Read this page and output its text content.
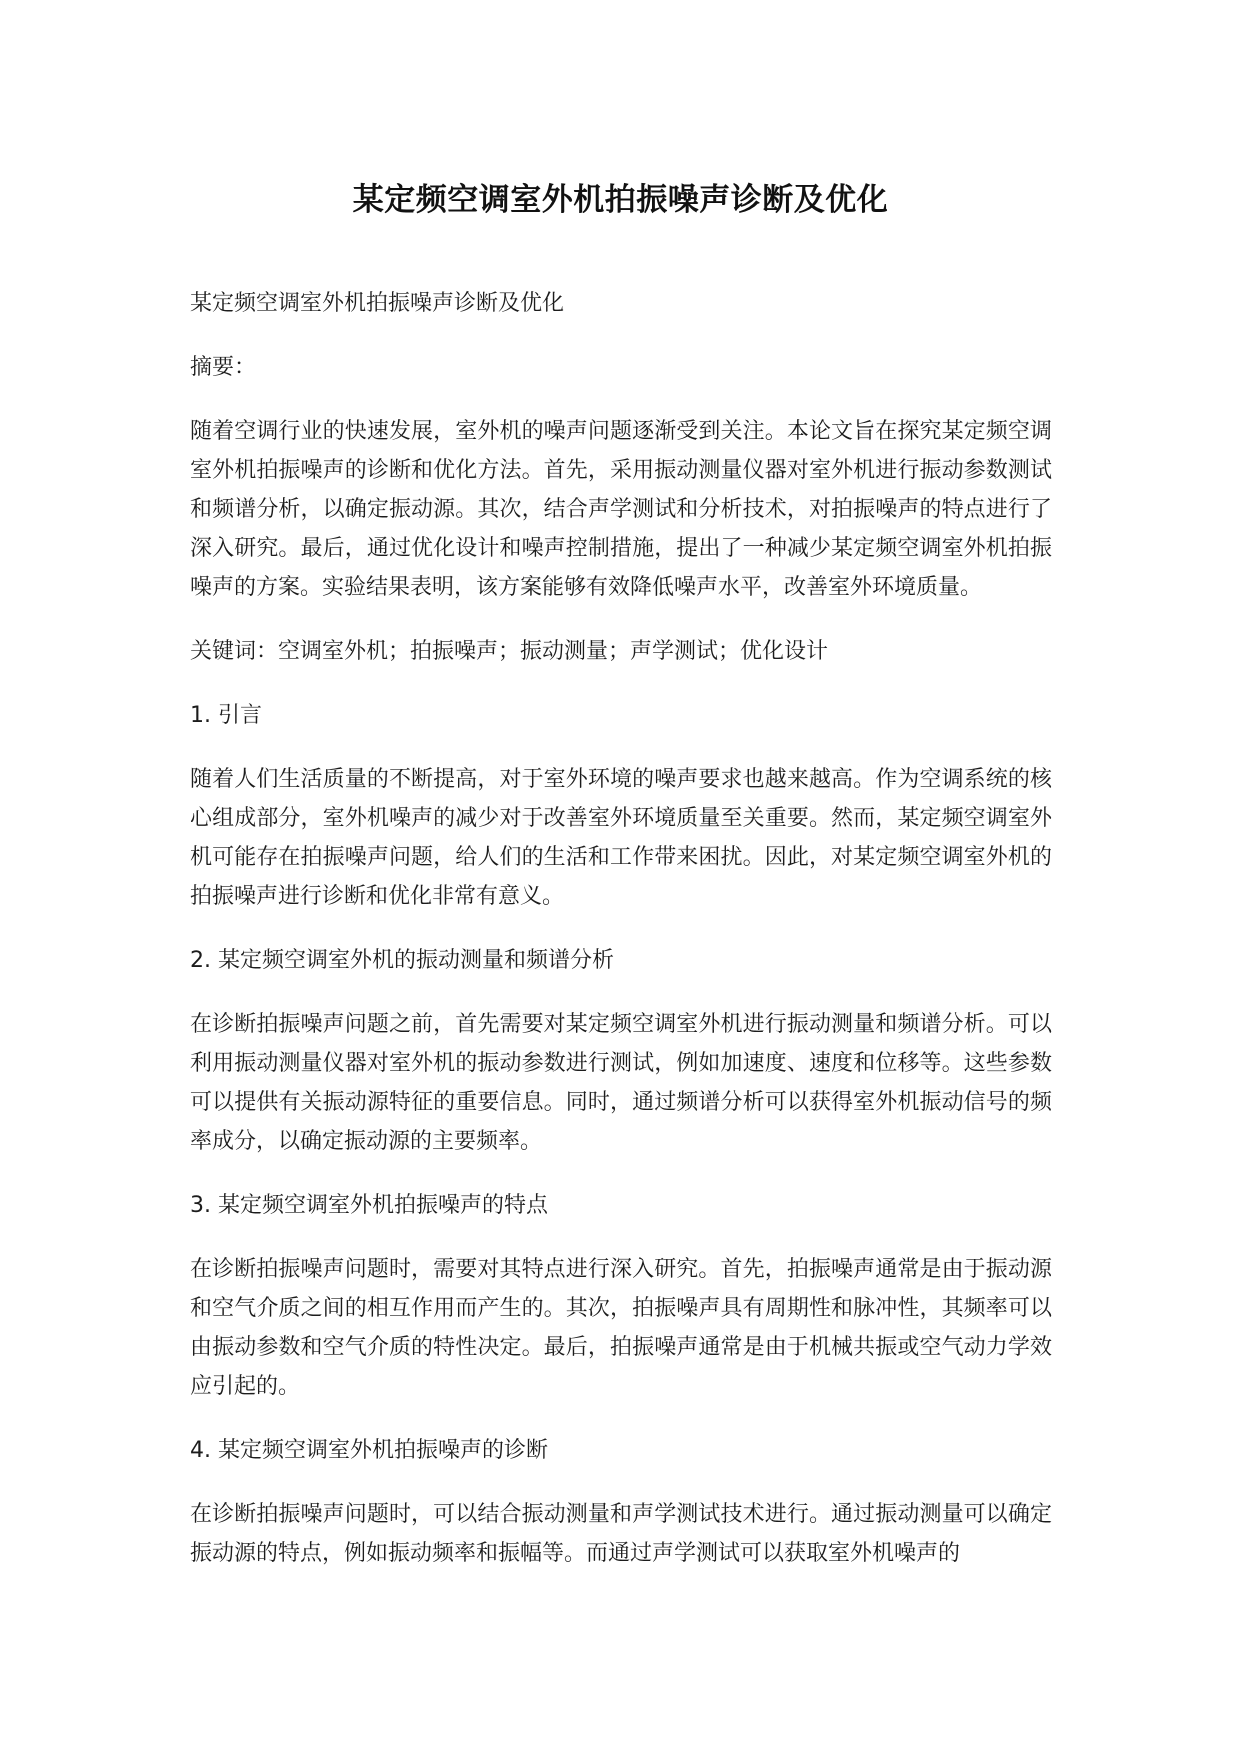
某定频空调室外机拍振噪声诊断及优化

某定频空调室外机拍振噪声诊断及优化

摘要：

随着空调行业的快速发展，室外机的噪声问题逐渐受到关注。本论文旨在探究某定频空调室外机拍振噪声的诊断和优化方法。首先，采用振动测量仪器对室外机进行振动参数测试和频谱分析，以确定振动源。其次，结合声学测试和分析技术，对拍振噪声的特点进行了深入研究。最后，通过优化设计和噪声控制措施，提出了一种减少某定频空调室外机拍振噪声的方案。实验结果表明，该方案能够有效降低噪声水平，改善室外环境质量。

关键词：空调室外机；拍振噪声；振动测量；声学测试；优化设计

1. 引言

随着人们生活质量的不断提高，对于室外环境的噪声要求也越来越高。作为空调系统的核心组成部分，室外机噪声的减少对于改善室外环境质量至关重要。然而，某定频空调室外机可能存在拍振噪声问题，给人们的生活和工作带来困扰。因此，对某定频空调室外机的拍振噪声进行诊断和优化非常有意义。

2. 某定频空调室外机的振动测量和频谱分析

在诊断拍振噪声问题之前，首先需要对某定频空调室外机进行振动测量和频谱分析。可以利用振动测量仪器对室外机的振动参数进行测试，例如加速度、速度和位移等。这些参数可以提供有关振动源特征的重要信息。同时，通过频谱分析可以获得室外机振动信号的频率成分，以确定振动源的主要频率。

3. 某定频空调室外机拍振噪声的特点

在诊断拍振噪声问题时，需要对其特点进行深入研究。首先，拍振噪声通常是由于振动源和空气介质之间的相互作用而产生的。其次，拍振噪声具有周期性和脉冲性，其频率可以由振动参数和空气介质的特性决定。最后，拍振噪声通常是由于机械共振或空气动力学效应引起的。

4. 某定频空调室外机拍振噪声的诊断

在诊断拍振噪声问题时，可以结合振动测量和声学测试技术进行。通过振动测量可以确定振动源的特点，例如振动频率和振幅等。而通过声学测试可以获取室外机噪声的
